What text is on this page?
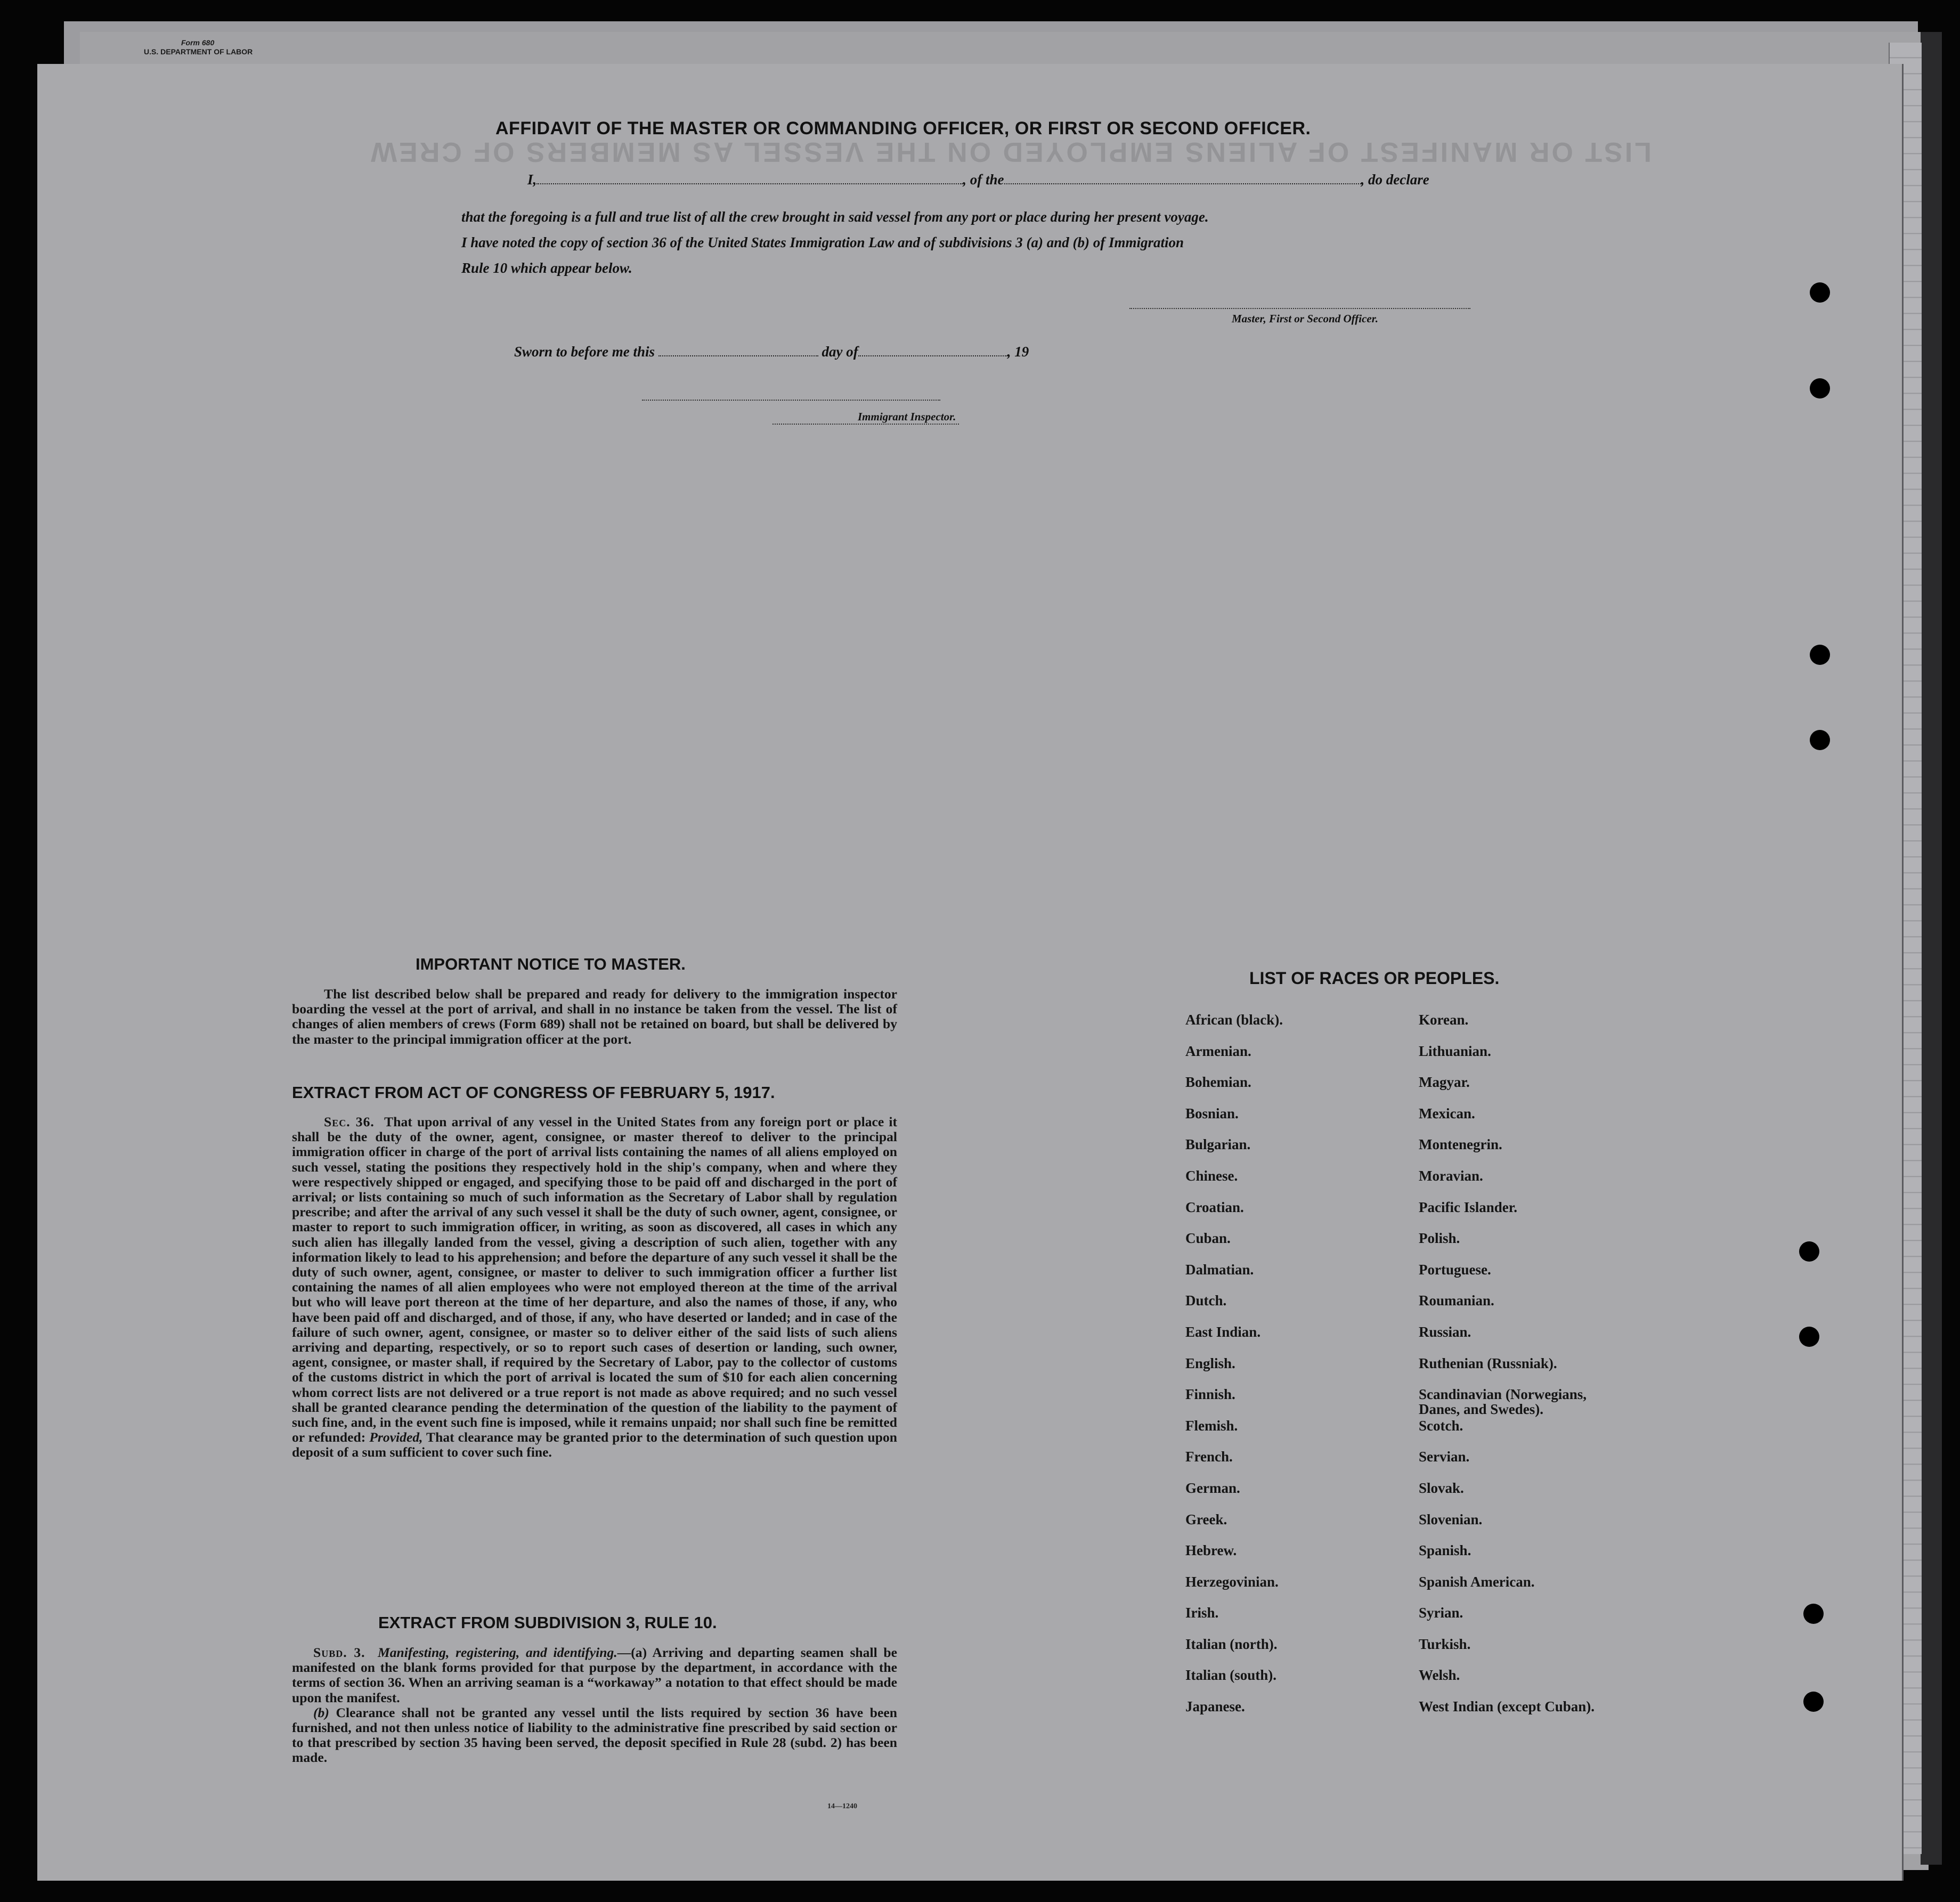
Form 680
U.S. DEPARTMENT OF LABOR
LIST OR MANIFEST OF ALIENS EMPLOYED ON THE VESSEL AS MEMBERS OF CREW
AFFIDAVIT OF THE MASTER OR COMMANDING OFFICER, OR FIRST OR SECOND OFFICER.
I,	, of the	, do declare
that the foregoing is a full and true list of all the crew brought in said vessel from any port or place during her present voyage.
I have noted the copy of section 36 of the United States Immigration Law and of subdivisions 3 (a) and (b) of Immigration
Rule 10 which appear below.
Master, First or Second Officer.
Sworn to before me this	day of	, 19
Immigrant Inspector.
IMPORTANT NOTICE TO MASTER.
The list described below shall be prepared and ready for delivery to the immigration inspector boarding the vessel at the port of arrival, and shall in no instance be taken from the vessel. The list of changes of alien members of crews (Form 689) shall not be retained on board, but shall be delivered by the master to the principal immigration officer at the port.
EXTRACT FROM ACT OF CONGRESS OF FEBRUARY 5, 1917.
Sec. 36. That upon arrival of any vessel in the United States from any foreign port or place it shall be the duty of the owner, agent, consignee, or master thereof to deliver to the principal immigration officer in charge of the port of arrival lists containing the names of all aliens employed on such vessel, stating the positions they respectively hold in the ship's company, when and where they were respectively shipped or engaged, and specifying those to be paid off and discharged in the port of arrival; or lists containing so much of such information as the Secretary of Labor shall by regulation prescribe; and after the arrival of any such vessel it shall be the duty of such owner, agent, consignee, or master to report to such immigration officer, in writing, as soon as discovered, all cases in which any such alien has illegally landed from the vessel, giving a description of such alien, together with any information likely to lead to his apprehension; and before the departure of any such vessel it shall be the duty of such owner, agent, consignee, or master to deliver to such immigration officer a further list containing the names of all alien employees who were not employed thereon at the time of the arrival but who will leave port thereon at the time of her departure, and also the names of those, if any, who have been paid off and discharged, and of those, if any, who have deserted or landed; and in case of the failure of such owner, agent, consignee, or master so to deliver either of the said lists of such aliens arriving and departing, respectively, or so to report such cases of desertion or landing, such owner, agent, consignee, or master shall, if required by the Secretary of Labor, pay to the collector of customs of the customs district in which the port of arrival is located the sum of $10 for each alien concerning whom correct lists are not delivered or a true report is not made as above required; and no such vessel shall be granted clearance pending the determination of the question of the liability to the payment of such fine, and, in the event such fine is imposed, while it remains unpaid; nor shall such fine be remitted or refunded: Provided, That clearance may be granted prior to the determination of such question upon deposit of a sum sufficient to cover such fine.
EXTRACT FROM SUBDIVISION 3, RULE 10.
Subd. 3. Manifesting, registering, and identifying.—(a) Arriving and departing seamen shall be manifested on the blank forms provided for that purpose by the department, in accordance with the terms of section 36. When an arriving seaman is a “workaway” a notation to that effect should be made upon the manifest.
(b) Clearance shall not be granted any vessel until the lists required by section 36 have been furnished, and not then unless notice of liability to the administrative fine prescribed by said section or to that prescribed by section 35 having been served, the deposit specified in Rule 28 (subd. 2) has been made.
14—1240
LIST OF RACES OR PEOPLES.
African (black).
Armenian.
Bohemian.
Bosnian.
Bulgarian.
Chinese.
Croatian.
Cuban.
Dalmatian.
Dutch.
East Indian.
English.
Finnish.
Flemish.
French.
German.
Greek.
Hebrew.
Herzegovinian.
Irish.
Italian (north).
Italian (south).
Japanese.
Korean.
Lithuanian.
Magyar.
Mexican.
Montenegrin.
Moravian.
Pacific Islander.
Polish.
Portuguese.
Roumanian.
Russian.
Ruthenian (Russniak).
Scandinavian (Norwegians,
Danes, and Swedes).
Scotch.
Servian.
Slovak.
Slovenian.
Spanish.
Spanish American.
Syrian.
Turkish.
Welsh.
West Indian (except Cuban).
